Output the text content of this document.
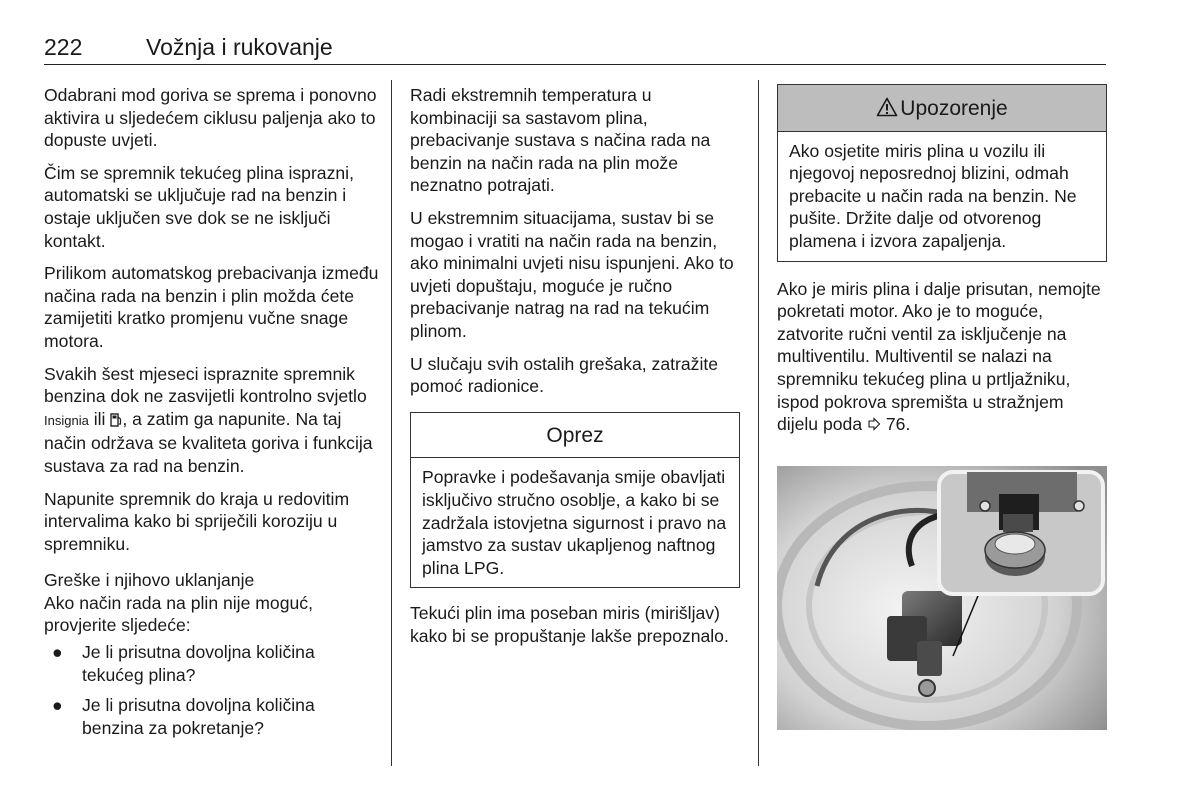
222	Vožnja i rukovanje

Odabrani mod goriva se sprema i ponovno aktivira u sljedećem ciklusu paljenja ako to dopuste uvjeti.

Čim se spremnik tekućeg plina isprazni, automatski se uključuje rad na benzin i ostaje uključen sve dok se ne isključi kontakt.

Prilikom automatskog prebacivanja između načina rada na benzin i plin možda ćete zamijetiti kratko promjenu vučne snage motora.

Svakih šest mjeseci ispraznite spremnik benzina dok ne zasvijetli kontrolno svjetlo Insignia ili , a zatim ga napunite. Na taj način održava se kvaliteta goriva i funkcija sustava za rad na benzin.

Napunite spremnik do kraja u redovitim intervalima kako bi spriječili koroziju u spremniku.

Greške i njihovo uklanjanje
Ako način rada na plin nije moguć, provjerite sljedeće:
● Je li prisutna dovoljna količina tekućeg plina?
● Je li prisutna dovoljna količina benzina za pokretanje?

Radi ekstremnih temperatura u kombinaciji sa sastavom plina, prebacivanje sustava s načina rada na benzin na način rada na plin može neznatno potrajati.

U ekstremnim situacijama, sustav bi se mogao i vratiti na način rada na benzin, ako minimalni uvjeti nisu ispunjeni. Ako to uvjeti dopuštaju, moguće je ručno prebacivanje natrag na rad na tekućim plinom.

U slučaju svih ostalih grešaka, zatražite pomoć radionice.

Oprez
Popravke i podešavanja smije obavljati isključivo stručno osoblje, a kako bi se zadržala istovjetna sigurnost i pravo na jamstvo za sustav ukapljenog naftnog plina LPG.

Tekući plin ima poseban miris (mirišljav) kako bi se propuštanje lakše prepoznalo.

Upozorenje
Ako osjetite miris plina u vozilu ili njegovoj neposrednoj blizini, odmah prebacite u način rada na benzin. Ne pušite. Držite dalje od otvorenog plamena i izvora zapaljenja.

Ako je miris plina i dalje prisutan, nemojte pokretati motor. Ako je to moguće, zatvorite ručni ventil za isključenje na multiventilu. Multiventil se nalazi na spremniku tekućeg plina u prtljažniku, ispod pokrova spremišta u stražnjem dijelu poda  76.
